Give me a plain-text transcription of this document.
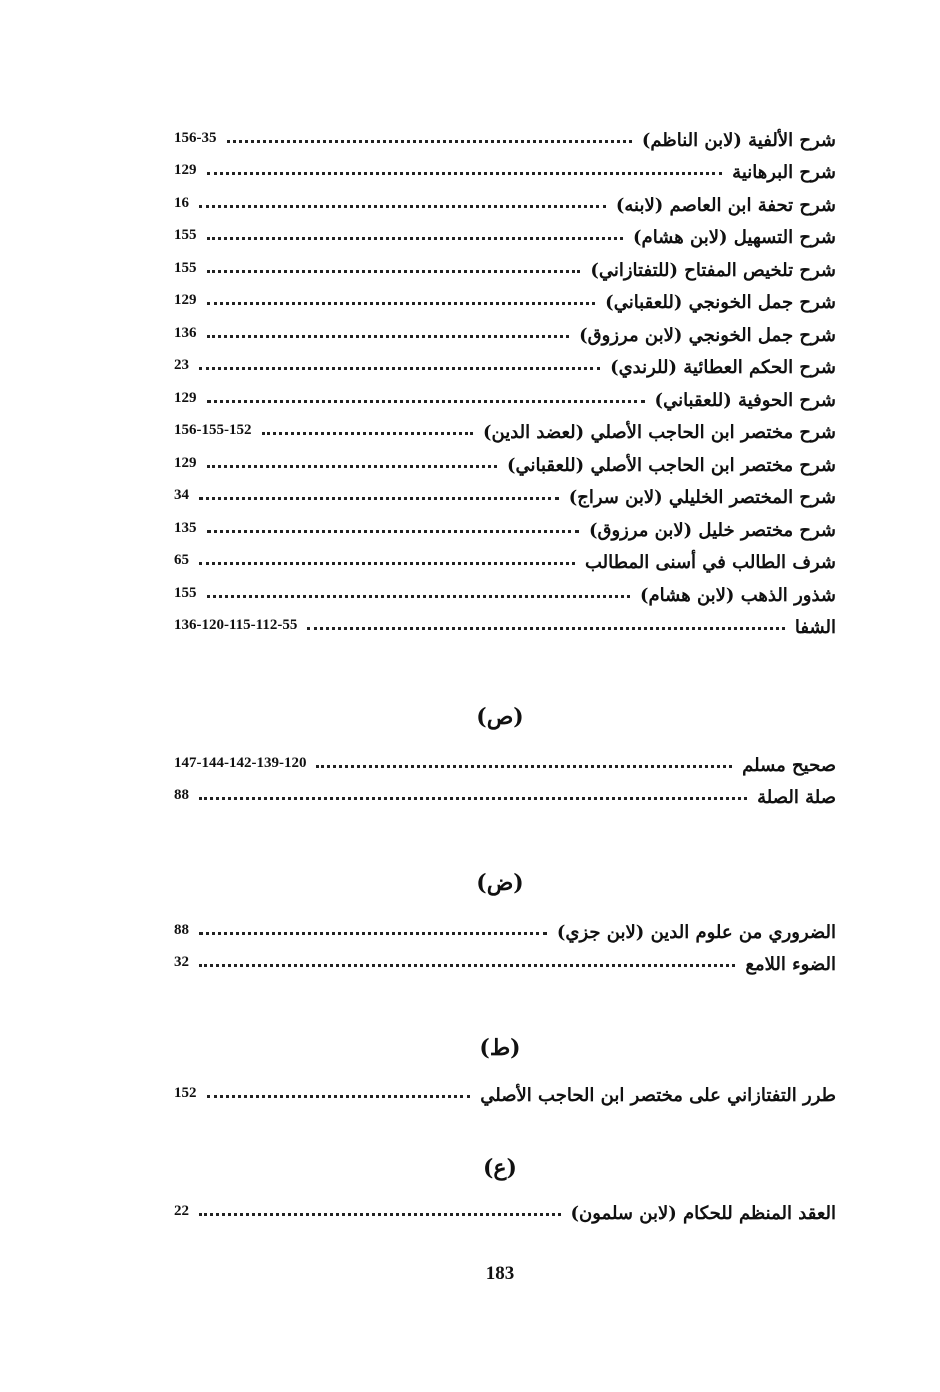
156-35	شرح الألفية (لابن الناظم)
129	شرح البرهانية
16	شرح تحفة ابن العاصم (لابنه)
155	شرح التسهيل (لابن هشام)
155	شرح تلخيص المفتاح (للتفتازاني)
129	شرح جمل الخونجي (للعقباني)
136	شرح جمل الخونجي (لابن مرزوق)
23	شرح الحكم العطائية (للرندي)
129	شرح الحوفية (للعقباني)
156-155-152	شرح مختصر ابن الحاجب الأصلي (لعضد الدين)
129	شرح مختصر ابن الحاجب الأصلي (للعقباني)
34	شرح المختصر الخليلي (لابن سراج)
135	شرح مختصر خليل (لابن مرزوق)
65	شرف الطالب في أسنى المطالب
155	شذور الذهب (لابن هشام)
136-120-115-112-55	الشفا
(ص)
147-144-142-139-120	صحيح مسلم
88	صلة الصلة
(ض)
88	الضروري من علوم الدين (لابن جزي)
32	الضوء اللامع
(ط)
152	طرر التفتازاني على مختصر ابن الحاجب الأصلي
(ع)
22	العقد المنظم للحكام (لابن سلمون)
183
